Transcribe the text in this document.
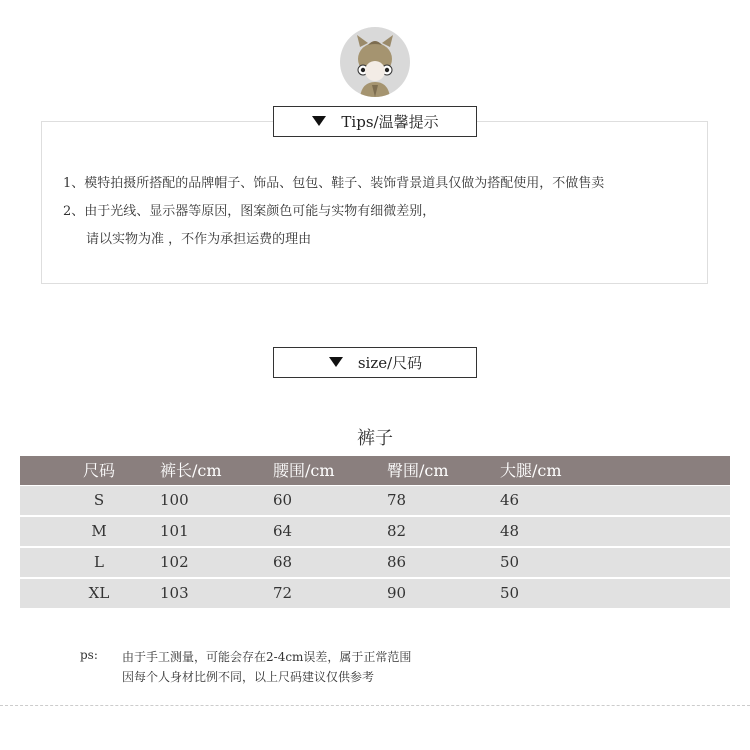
Tips/温馨提示
1、模特拍摄所搭配的品牌帽子、饰品、包包、鞋子、装饰背景道具仅做为搭配使用，不做售卖
2、由于光线、显示器等原因，图案颜色可能与实物有细微差别，
请以实物为准 ，不作为承担运费的理由
size/尺码
裤子
尺码	裤长/cm	腰围/cm	臀围/cm	大腿/cm
S	100	60	78	46
M	101	64	82	48
L	102	68	86	50
XL	103	72	90	50
ps: 由于手工测量，可能会存在2-4cm误差，属于正常范围
因每个人身材比例不同，以上尺码建议仅供参考
